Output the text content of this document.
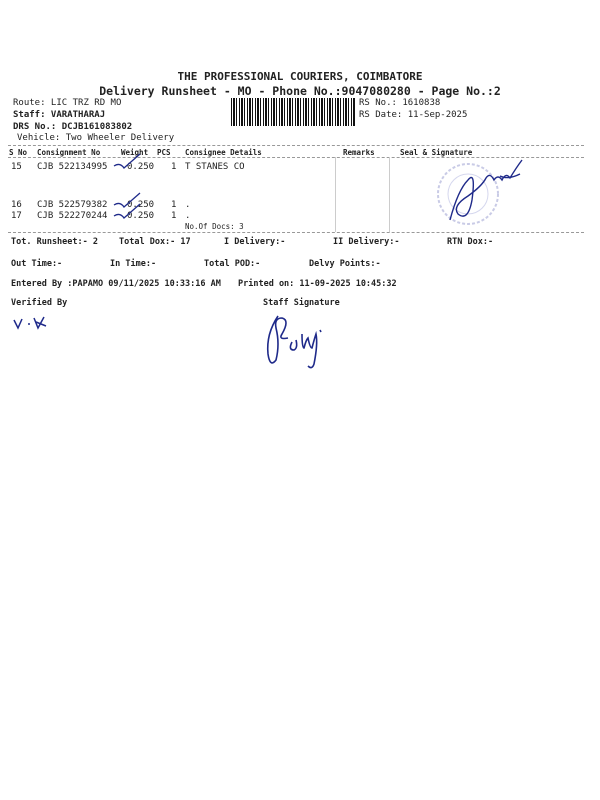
THE PROFESSIONAL COURIERS, COIMBATORE
Delivery Runsheet - MO - Phone No.:9047080280 - Page No.:2
Route: LIC TRZ RD MO
Staff: VARATHARAJ
DRS No.: DCJB161083802
Vehicle: Two Wheeler Delivery
RS No.: 1610838
RS Date: 11-Sep-2025
S No Consignment No	Weight PCS Consignee Details	Remarks	Seal & Signature
15 CJB 522134995 0.250 1 T STANES CO
16 CJB 522579382 0.250 1 .
17 CJB 522270244 0.250 1 .
No.Of Docs: 3
Tot. Runsheet:- 2 Total Dox:- 17	I Delivery:-	II Delivery:-	RTN Dox:-
Out Time:-	In Time:-	Total POD:-	Delvy Points:-
Entered By :PAPAMO 09/11/2025 10:33:16 AM Printed on: 11-09-2025 10:45:32
Verified By	Staff Signature
